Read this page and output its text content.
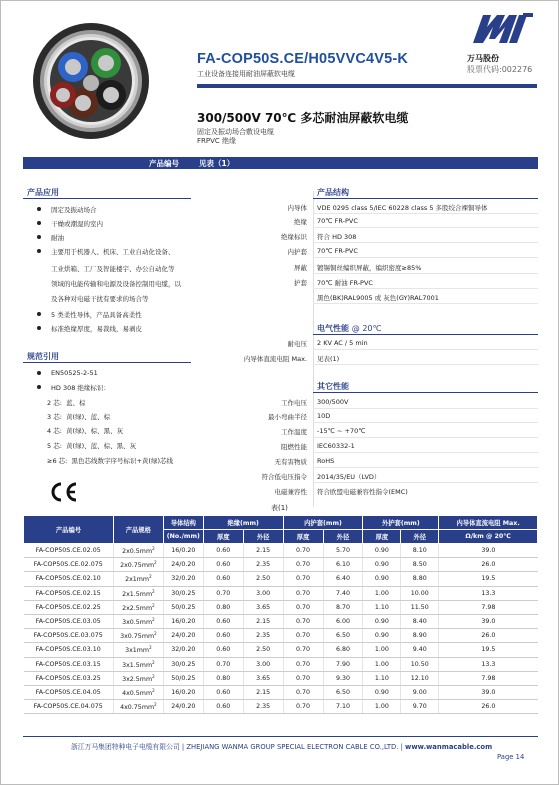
万马股份
股票代码:002276
FA-COP50S.CE/H05VVC4V5-K
工业设备连接用耐油屏蔽软电缆
300/500V 70℃ 多芯耐油屏蔽软电缆
固定及振动场合敷设电缆
FRPVC 绝缘
产品编号	见表（1）
产品应用
固定及振动场合
干燥或潮湿的室内
耐油
主要用于机器人、机床、工业自动化设备、
工业烘箱、工厂及智能楼宇、办公自动化等
领域的电能传输和电源及设备控制用电缆，以
及各种对电磁干扰有要求的场合等
5 类柔性导体，产品具备高柔性
标准绝缘厚度，易裁线，易剥皮
规范引用
EN50525-2-51
HD 308 绝缘标识：
2 芯: 蓝、棕
3 芯: 黄(绿)、蓝、棕
4 芯: 黄(绿)、棕、黑、灰
5 芯: 黄(绿)、蓝、棕、黑、灰
≥6 芯: 黑色芯线数字序号标识+黄(绿)芯线
产品结构
内导体 VDE 0295 class 5/IEC 60228 class 5 多股绞合裸铜导体
绝缘 70℃ FR-PVC
绝缘标识 符合 HD 308
内护套 70℃ FR-PVC
屏蔽 镀锡铜丝编织屏蔽，编织密度≥85%
护套 70℃ 耐油 FR-PVC
黑色(BK)RAL9005 或 灰色(GY)RAL7001
电气性能 @ 20℃
耐电压 2 KV AC / 5 min
内导体直流电阻 Max. 见表(1)
其它性能
工作电压 300/500V
最小弯曲半径 10D
工作温度 -15℃ ~ +70℃
阻燃性能 IEC60332-1
无有害物质 RoHS
符合低电压指令 2014/35/EU（LVD）
电磁兼容性 符合欧盟电磁兼容性指令(EMC)
表(1)
产品编号	产品规格	导体结构	绝缘(mm)		内护套(mm)		外护套(mm)		内导体直流电阻 Max.
		(No./mm)	厚度	外径	厚度	外径	厚度	外径	Ω/km @ 20℃
FA-COP50S.CE.02.05	$2x0.5mm^2$	16/0.20	0.60	2.15	0.70	5.70	0.90	8.10	39.0
FA-COP50S.CE.02.075	$2x0.75mm^2$	24/0.20	0.60	2.35	0.70	6.10	0.90	8.50	26.0
FA-COP50S.CE.02.10	$2x1mm^2$	32/0.20	0.60	2.50	0.70	6.40	0.90	8.80	19.5
FA-COP50S.CE.02.15	$2x1.5mm^2$	30/0.25	0.70	3.00	0.70	7.40	1.00	10.00	13.3
FA-COP50S.CE.02.25	$2x2.5mm^2$	50/0.25	0.80	3.65	0.70	8.70	1.10	11.50	7.98
FA-COP50S.CE.03.05	$3x0.5mm^2$	16/0.20	0.60	2.15	0.70	6.00	0.90	8.40	39.0
FA-COP50S.CE.03.075	$3x0.75mm^2$	24/0.20	0.60	2.35	0.70	6.50	0.90	8.90	26.0
FA-COP50S.CE.03.10	$3x1mm^2$	32/0.20	0.60	2.50	0.70	6.80	1.00	9.40	19.5
FA-COP50S.CE.03.15	$3x1.5mm^2$	30/0.25	0.70	3.00	0.70	7.90	1.00	10.50	13.3
FA-COP50S.CE.03.25	$3x2.5mm^2$	50/0.25	0.80	3.65	0.70	9.30	1.10	12.10	7.98
FA-COP50S.CE.04.05	$4x0.5mm^2$	16/0.20	0.60	2.15	0.70	6.50	0.90	9.00	39.0
FA-COP50S.CE.04.075	$4x0.75mm^2$	24/0.20	0.60	2.35	0.70	7.10	1.00	9.70	26.0
浙江万马集团特种电子电缆有限公司 | ZHEJIANG WANMA GROUP SPECIAL ELECTRON CABLE CO.,LTD. | www.wanmacable.com
Page 14
